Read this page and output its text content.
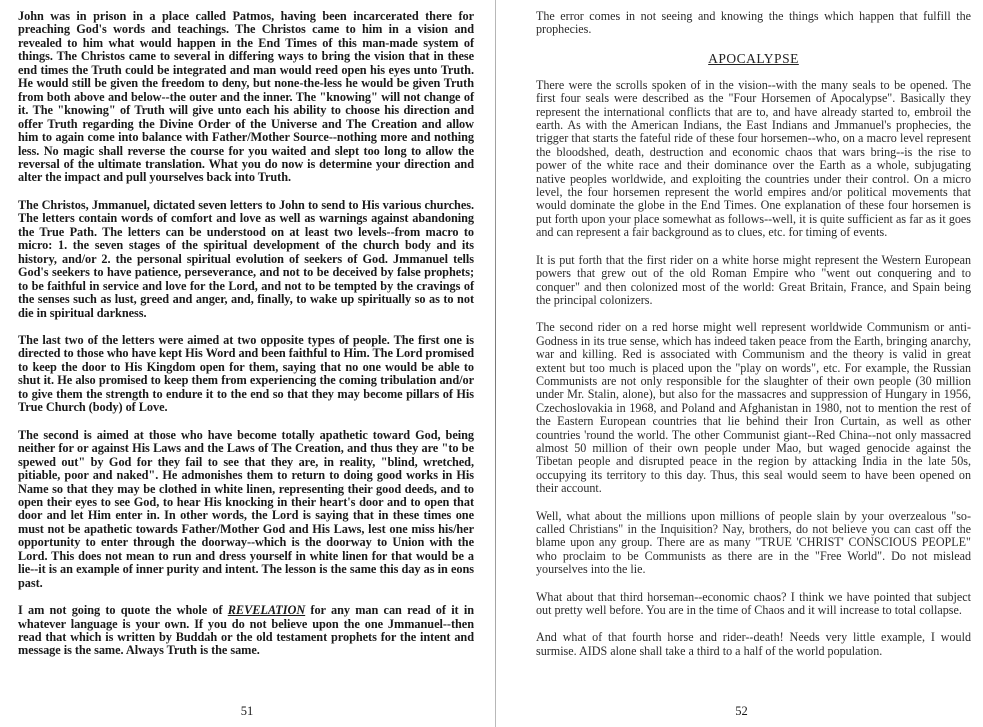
John was in prison in a place called Patmos, having been incarcerated there for preaching God's words and teachings. The Christos came to him in a vision and revealed to him what would happen in the End Times of this man-made system of things. The Christos came to several in differing ways to bring the vision that in these end times the Truth could be integrated and man would reed open his eyes unto Truth. He would still be given the freedom to deny, but none-the-less he would be given Truth from both above and below--the outer and the inner. The "knowing" will not change of it. The "knowing" of Truth will give unto each his ability to choose his direction and offer Truth regarding the Divine Order of the Universe and The Creation and allow him to again come into balance with Father/Mother Source--nothing more and nothing less. No magic shall reverse the course for you waited and slept too long to allow the reversal of the ultimate translation. What you do now is determine your direction and alter the impact and pull yourselves back into Truth.

The Christos, Jmmanuel, dictated seven letters to John to send to His various churches. The letters contain words of comfort and love as well as warnings against abandoning the True Path. The letters can be understood on at least two levels--from macro to micro: 1. the seven stages of the spiritual development of the church body and its history, and/or 2. the personal spiritual evolution of seekers of God. Jmmanuel tells God's seekers to have patience, perseverance, and not to be deceived by false prophets; to be faithful in service and love for the Lord, and not to be tempted by the cravings of the senses such as lust, greed and anger, and, finally, to wake up spiritually so as to not die in spiritual darkness.

The last two of the letters were aimed at two opposite types of people. The first one is directed to those who have kept His Word and been faithful to Him. The Lord promised to keep the door to His Kingdom open for them, saying that no one would be able to shut it. He also promised to keep them from experiencing the coming tribulation and/or to give them the strength to endure it to the end so that they may become pillars of His True Church (body) of Love.

The second is aimed at those who have become totally apathetic toward God, being neither for or against His Laws and the Laws of The Creation, and thus they are "to be spewed out" by God for they fail to see that they are, in reality, "blind, wretched, pitiable, poor and naked". He admonishes them to return to doing good works in His Name so that they may be clothed in white linen, representing their good deeds, and to open their eyes to see God, to hear His knocking in their heart's door and to open that door and let Him enter in. In other words, the Lord is saying that in these times one must not be apathetic towards Father/Mother God and His Laws, lest one miss his/her opportunity to enter through the doorway--which is the doorway to Union with the Lord. This does not mean to run and dress yourself in white linen for that would be a lie--it is an example of inner purity and intent. The lesson is the same this day as in eons past.

I am not going to quote the whole of REVELATION for any man can read of it in whatever language is your own. If you do not believe upon the one Jmmanuel--then read that which is written by Buddah or the old testament prophets for the intent and message is the same. Always Truth is the same.

51

The error comes in not seeing and knowing the things which happen that fulfill the prophecies.

APOCALYPSE

There were the scrolls spoken of in the vision--with the many seals to be opened. The first four seals were described as the "Four Horsemen of Apocalypse". Basically they represent the international conflicts that are to, and have already started to, embroil the earth. As with the American Indians, the East Indians and Jmmanuel's prophecies, the trigger that starts the fateful ride of these four horsemen--who, on a macro level represent the bloodshed, death, destruction and economic chaos that wars bring--is the rise to power of the white race and their dominance over the Earth as a whole, subjugating native peoples worldwide, and exploiting the countries under their control. On a micro level, the four horsemen represent the world empires and/or political movements that would dominate the globe in the End Times. One explanation of these four horsemen is put forth upon your place somewhat as follows--well, it is quite sufficient as far as it goes and can represent a fair background as to clues, etc. for timing of events.

It is put forth that the first rider on a white horse might represent the Western European powers that grew out of the old Roman Empire who "went out conquering and to conquer" and then colonized most of the world: Great Britain, France, and Spain being the principal colonizers.

The second rider on a red horse might well represent worldwide Communism or anti-Godness in its true sense, which has indeed taken peace from the Earth, bringing anarchy, war and killing. Red is associated with Communism and the theory is valid in great extent but too much is placed upon the "play on words", etc. For example, the Russian Communists are not only responsible for the slaughter of their own people (30 million under Mr. Stalin, alone), but also for the massacres and suppression of Hungary in 1956, Czechoslovakia in 1968, and Poland and Afghanistan in 1980, not to mention the rest of the Eastern European countries that lie behind their Iron Curtain, as well as other countries 'round the world. The other Communist giant--Red China--not only massacred almost 50 million of their own people under Mao, but waged genocide against the Tibetan people and disrupted peace in the region by attacking India in the late 50s, occupying its territory to this day. Thus, this seal would seem to have been opened on their account.

Well, what about the millions upon millions of people slain by your overzealous "so-called Christians" in the Inquisition? Nay, brothers, do not believe you can cast off the blame upon any group. There are as many "TRUE 'CHRIST' CONSCIOUS PEOPLE" who proclaim to be Communists as there are in the "Free World". Do not mislead yourselves into the lie.

What about that third horseman--economic chaos? I think we have pointed that subject out pretty well before. You are in the time of Chaos and it will increase to total collapse.

And what of that fourth horse and rider--death! Needs very little example, I would surmise. AIDS alone shall take a third to a half of the world population.

52
